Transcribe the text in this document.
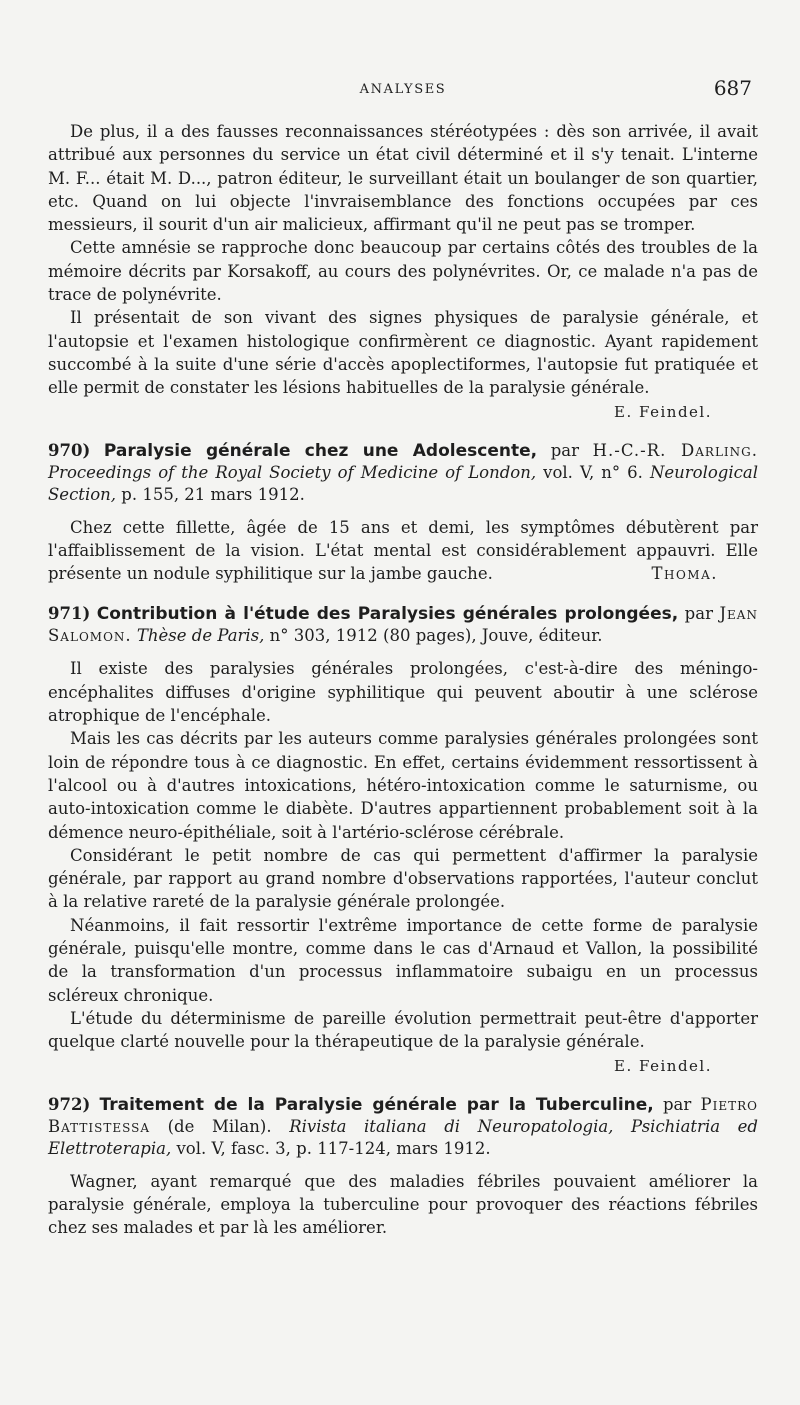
ANALYSES	687

De plus, il a des fausses reconnaissances stéréotypées : dès son arrivée, il avait attribué aux personnes du service un état civil déterminé et il s'y tenait. L'interne M. F... était M. D..., patron éditeur, le surveillant était un boulanger de son quartier, etc. Quand on lui objecte l'invraisemblance des fonctions occupées par ces messieurs, il sourit d'un air malicieux, affirmant qu'il ne peut pas se tromper.

Cette amnésie se rapproche donc beaucoup par certains côtés des troubles de la mémoire décrits par Korsakoff, au cours des polynévrites. Or, ce malade n'a pas de trace de polynévrite.

Il présentait de son vivant des signes physiques de paralysie générale, et l'autopsie et l'examen histologique confirmèrent ce diagnostic. Ayant rapidement succombé à la suite d'une série d'accès apoplectiformes, l'autopsie fut pratiquée et elle permit de constater les lésions habituelles de la paralysie générale.

E. Feindel.
970) Paralysie générale chez une Adolescente, par H.-C.-R. Darling. Proceedings of the Royal Society of Medicine of London, vol. V, n° 6. Neurological Section, p. 155, 21 mars 1912.

Chez cette fillette, âgée de 15 ans et demi, les symptômes débutèrent par l'affaiblissement de la vision. L'état mental est considérablement appauvri. Elle présente un nodule syphilitique sur la jambe gauche.	Thoma.

971) Contribution à l'étude des Paralysies générales prolongées, par Jean Salomon. Thèse de Paris, n° 303, 1912 (80 pages), Jouve, éditeur.

Il existe des paralysies générales prolongées, c'est-à-dire des méningo-encéphalites diffuses d'origine syphilitique qui peuvent aboutir à une sclérose atrophique de l'encéphale.

Mais les cas décrits par les auteurs comme paralysies générales prolongées sont loin de répondre tous à ce diagnostic. En effet, certains évidemment ressortissent à l'alcool ou à d'autres intoxications, hétéro-intoxication comme le saturnisme, ou auto-intoxication comme le diabète. D'autres appartiennent probablement soit à la démence neuro-épithéliale, soit à l'artério-sclérose cérébrale.

Considérant le petit nombre de cas qui permettent d'affirmer la paralysie générale, par rapport au grand nombre d'observations rapportées, l'auteur conclut à la relative rareté de la paralysie générale prolongée.

Néanmoins, il fait ressortir l'extrême importance de cette forme de paralysie générale, puisqu'elle montre, comme dans le cas d'Arnaud et Vallon, la possibilité de la transformation d'un processus inflammatoire subaigu en un processus scléreux chronique.

L'étude du déterminisme de pareille évolution permettrait peut-être d'apporter quelque clarté nouvelle pour la thérapeutique de la paralysie générale.

E. Feindel.
972) Traitement de la Paralysie générale par la Tuberculine, par Pietro Battistessa (de Milan). Rivista italiana di Neuropatologia, Psichiatria ed Elettroterapia, vol. V, fasc. 3, p. 117-124, mars 1912.

Wagner, ayant remarqué que des maladies fébriles pouvaient améliorer la paralysie générale, employa la tuberculine pour provoquer des réactions fébriles chez ses malades et par là les améliorer.
